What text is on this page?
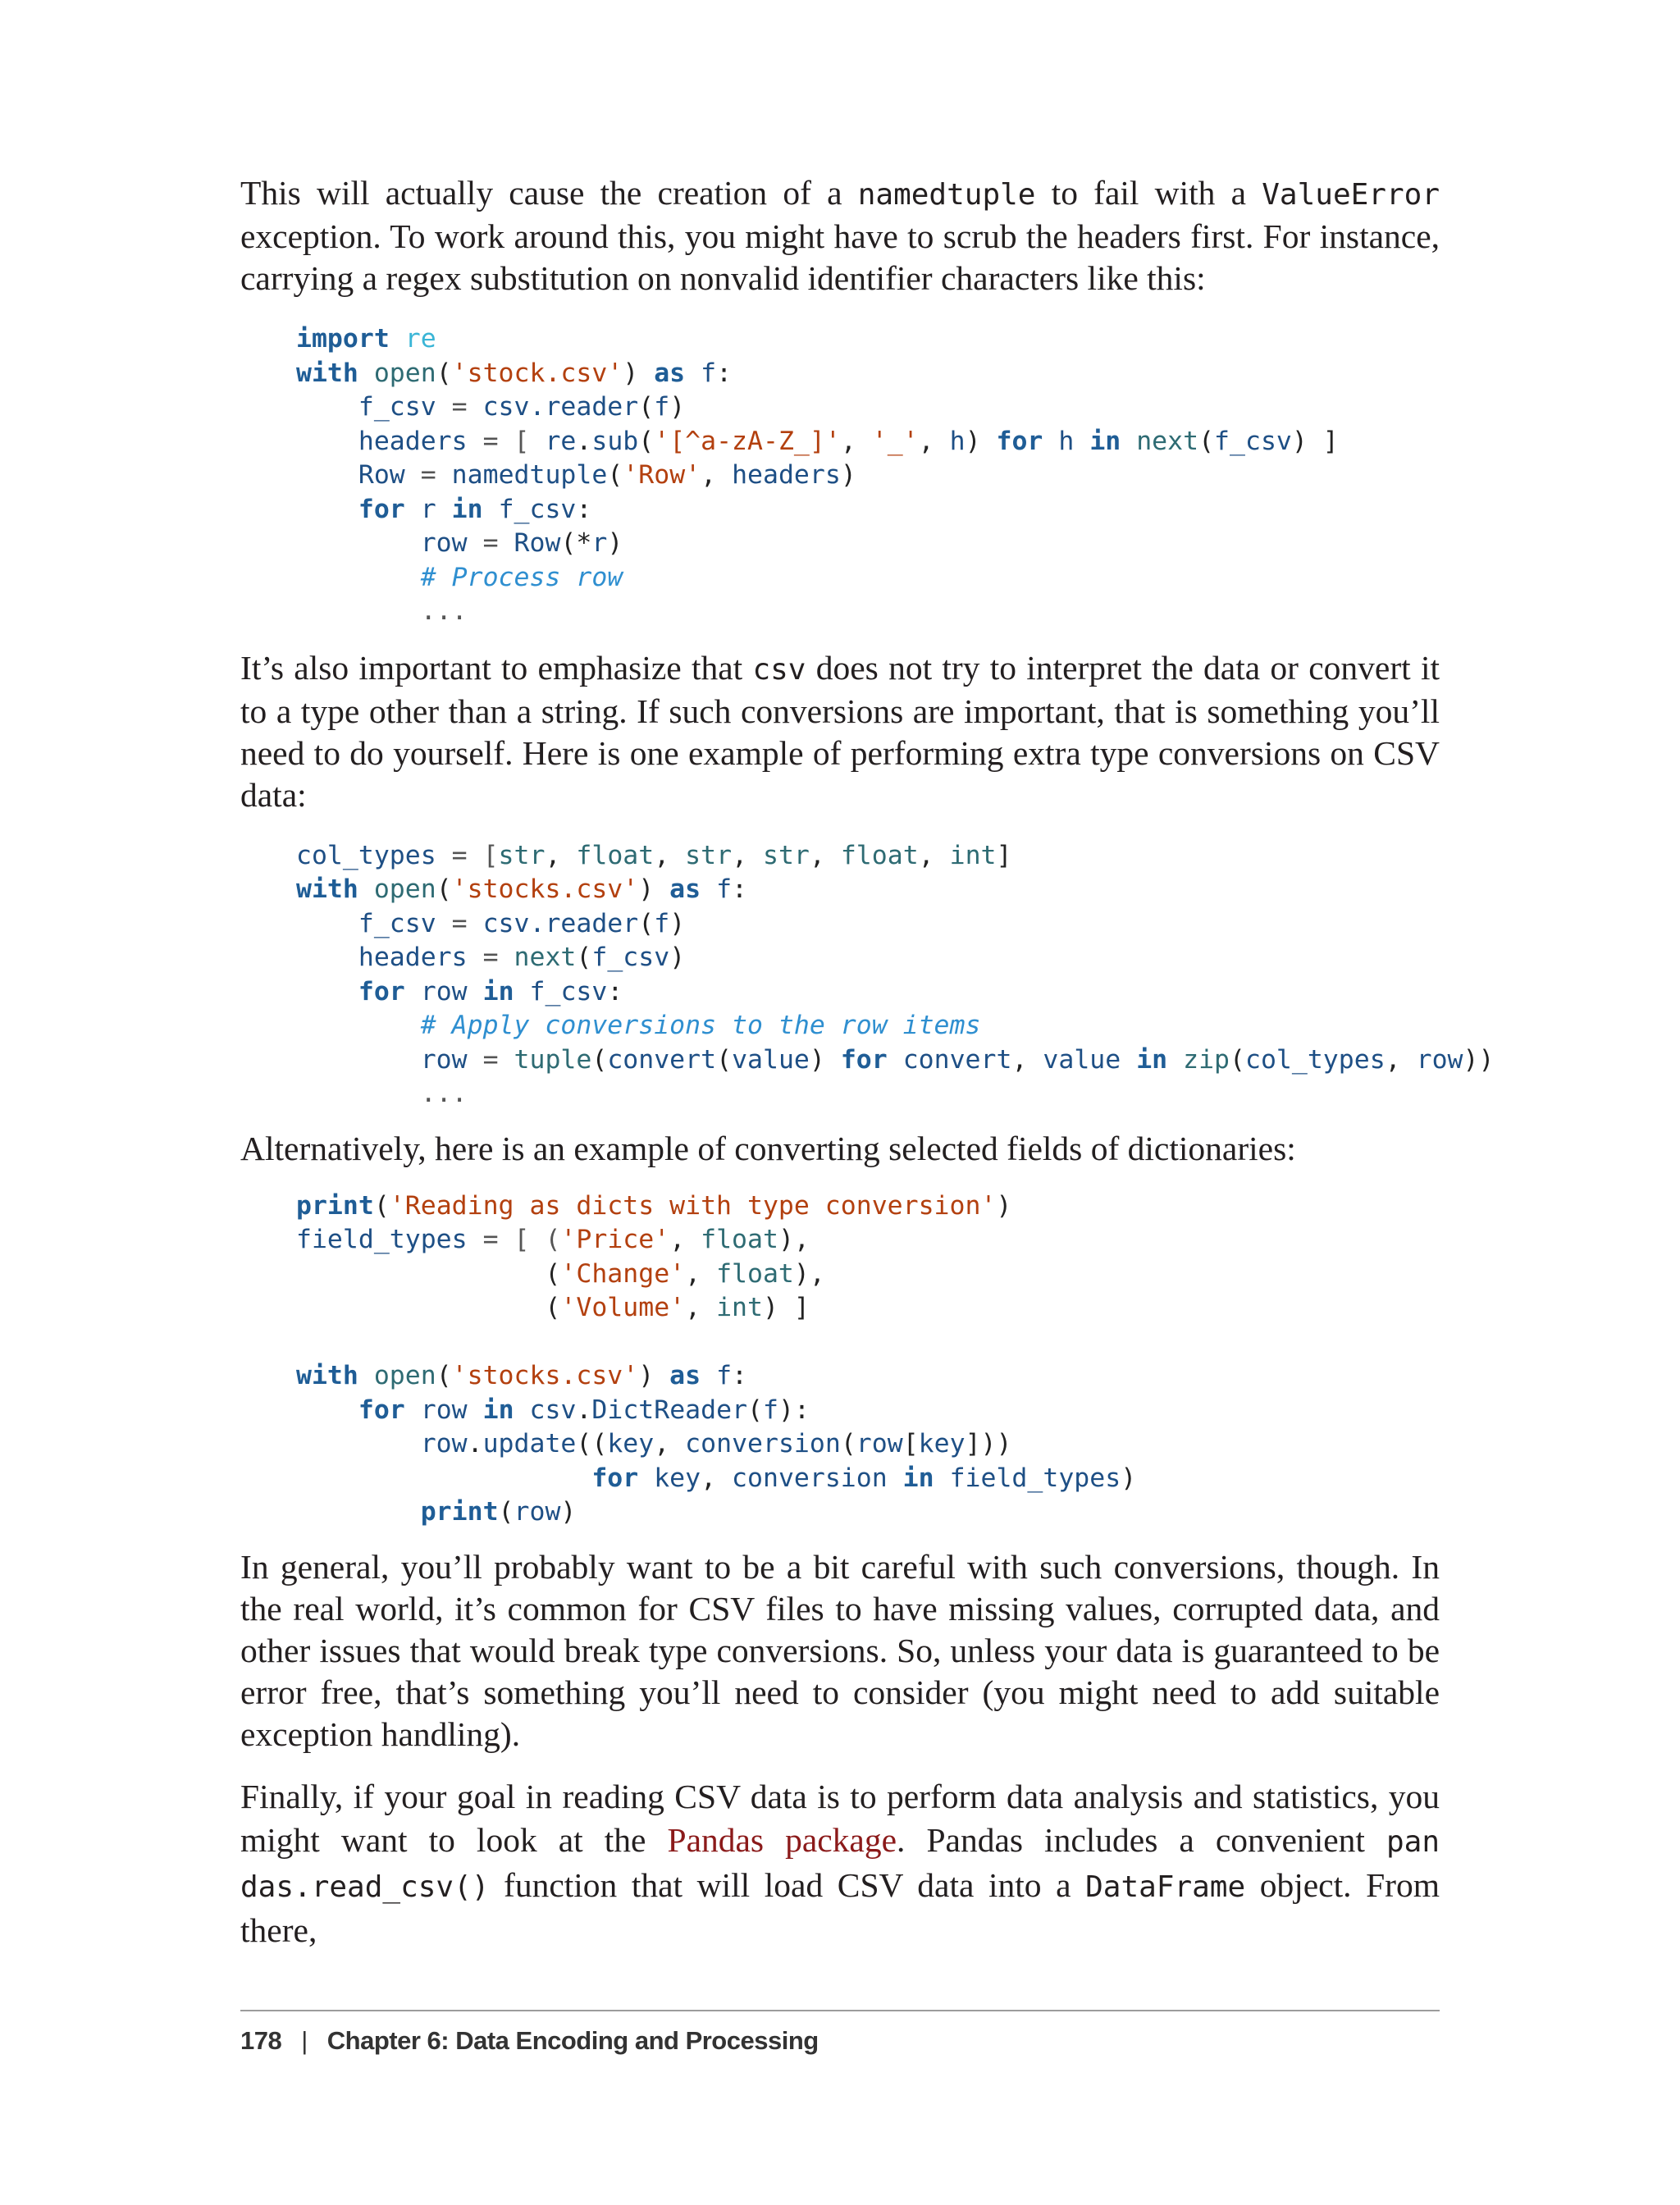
This will actually cause the creation of a namedtuple to fail with a ValueError exception. To work around this, you might have to scrub the headers first. For instance, carrying a regex substitution on nonvalid identifier characters like this:

import re
with open('stock.csv') as f:
f_csv = csv.reader(f)
headers = [ re.sub('[^a-zA-Z_]', '_', h) for h in next(f_csv) ]
Row = namedtuple('Row', headers)
for r in f_csv:
row = Row(*r)
# Process row
...

It’s also important to emphasize that csv does not try to interpret the data or convert it to a type other than a string. If such conversions are important, that is something you’ll need to do yourself. Here is one example of performing extra type conversions on CSV data:

col_types = [str, float, str, str, float, int]
with open('stocks.csv') as f:
f_csv = csv.reader(f)
headers = next(f_csv)
for row in f_csv:
# Apply conversions to the row items
row = tuple(convert(value) for convert, value in zip(col_types, row))
...

Alternatively, here is an example of converting selected fields of dictionaries:

print('Reading as dicts with type conversion')
field_types = [ ('Price', float),
('Change', float),
('Volume', int) ]

with open('stocks.csv') as f:
for row in csv.DictReader(f):
row.update((key, conversion(row[key]))
for key, conversion in field_types)
print(row)

In general, you’ll probably want to be a bit careful with such conversions, though. In the real world, it’s common for CSV files to have missing values, corrupted data, and other issues that would break type conversions. So, unless your data is guaranteed to be error free, that’s something you’ll need to consider (you might need to add suitable exception handling).

Finally, if your goal in reading CSV data is to perform data analysis and statistics, you might want to look at the Pandas package. Pandas includes a convenient pan das.read_csv() function that will load CSV data into a DataFrame object. From there,

178 | Chapter 6: Data Encoding and Processing
